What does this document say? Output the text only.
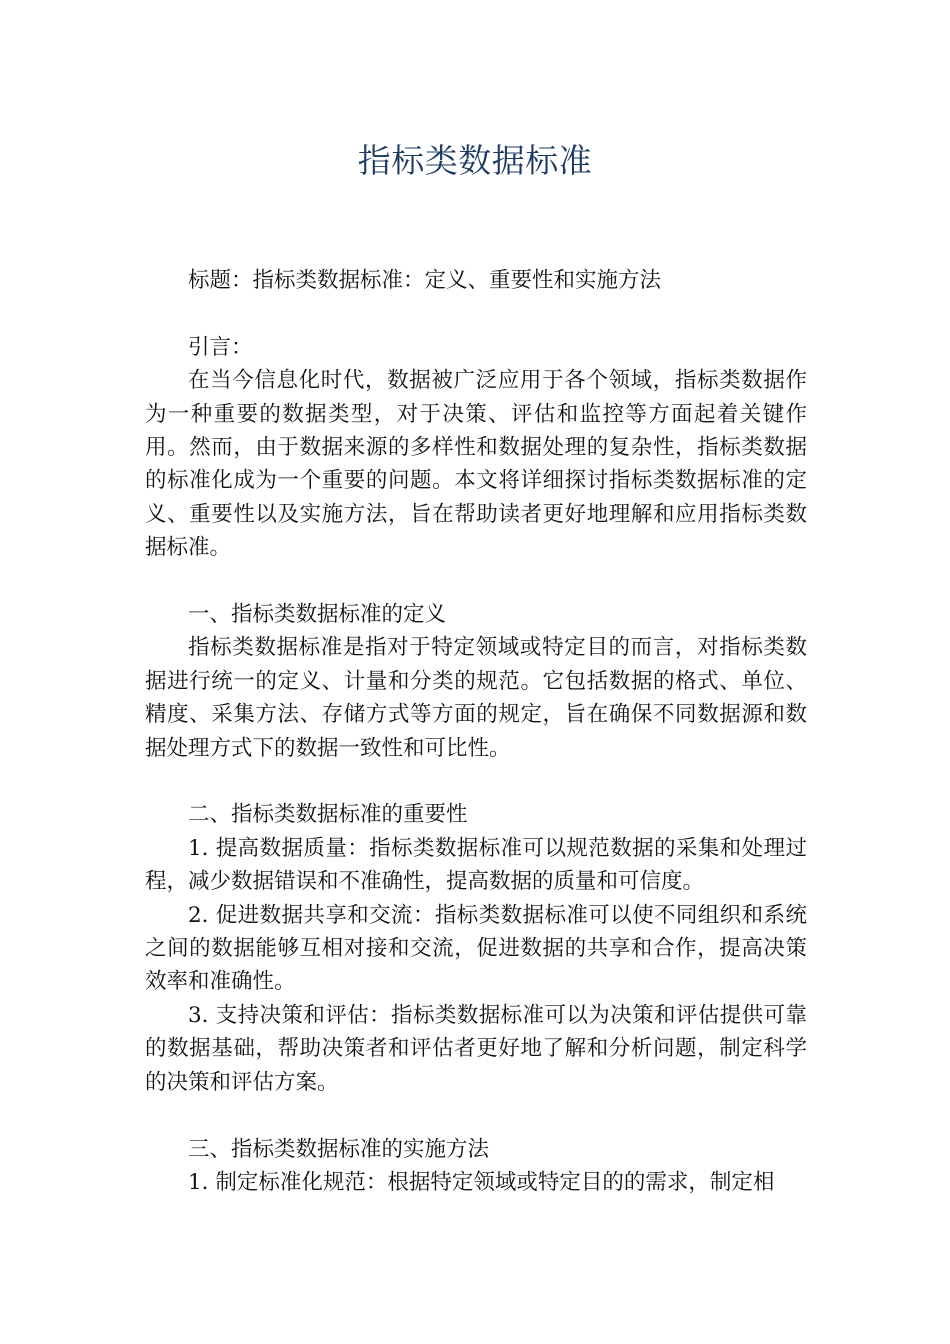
指标类数据标准

标题：指标类数据标准：定义、重要性和实施方法

引言：

在当今信息化时代，数据被广泛应用于各个领域，指标类数据作为一种重要的数据类型，对于决策、评估和监控等方面起着关键作用。然而，由于数据来源的多样性和数据处理的复杂性，指标类数据的标准化成为一个重要的问题。本文将详细探讨指标类数据标准的定义、重要性以及实施方法，旨在帮助读者更好地理解和应用指标类数据标准。

一、指标类数据标准的定义

指标类数据标准是指对于特定领域或特定目的而言，对指标类数据进行统一的定义、计量和分类的规范。它包括数据的格式、单位、精度、采集方法、存储方式等方面的规定，旨在确保不同数据源和数据处理方式下的数据一致性和可比性。

二、指标类数据标准的重要性

1. 提高数据质量：指标类数据标准可以规范数据的采集和处理过程，减少数据错误和不准确性，提高数据的质量和可信度。

2. 促进数据共享和交流：指标类数据标准可以使不同组织和系统之间的数据能够互相对接和交流，促进数据的共享和合作，提高决策效率和准确性。

3. 支持决策和评估：指标类数据标准可以为决策和评估提供可靠的数据基础，帮助决策者和评估者更好地了解和分析问题，制定科学的决策和评估方案。

三、指标类数据标准的实施方法

1. 制定标准化规范：根据特定领域或特定目的的需求，制定相
